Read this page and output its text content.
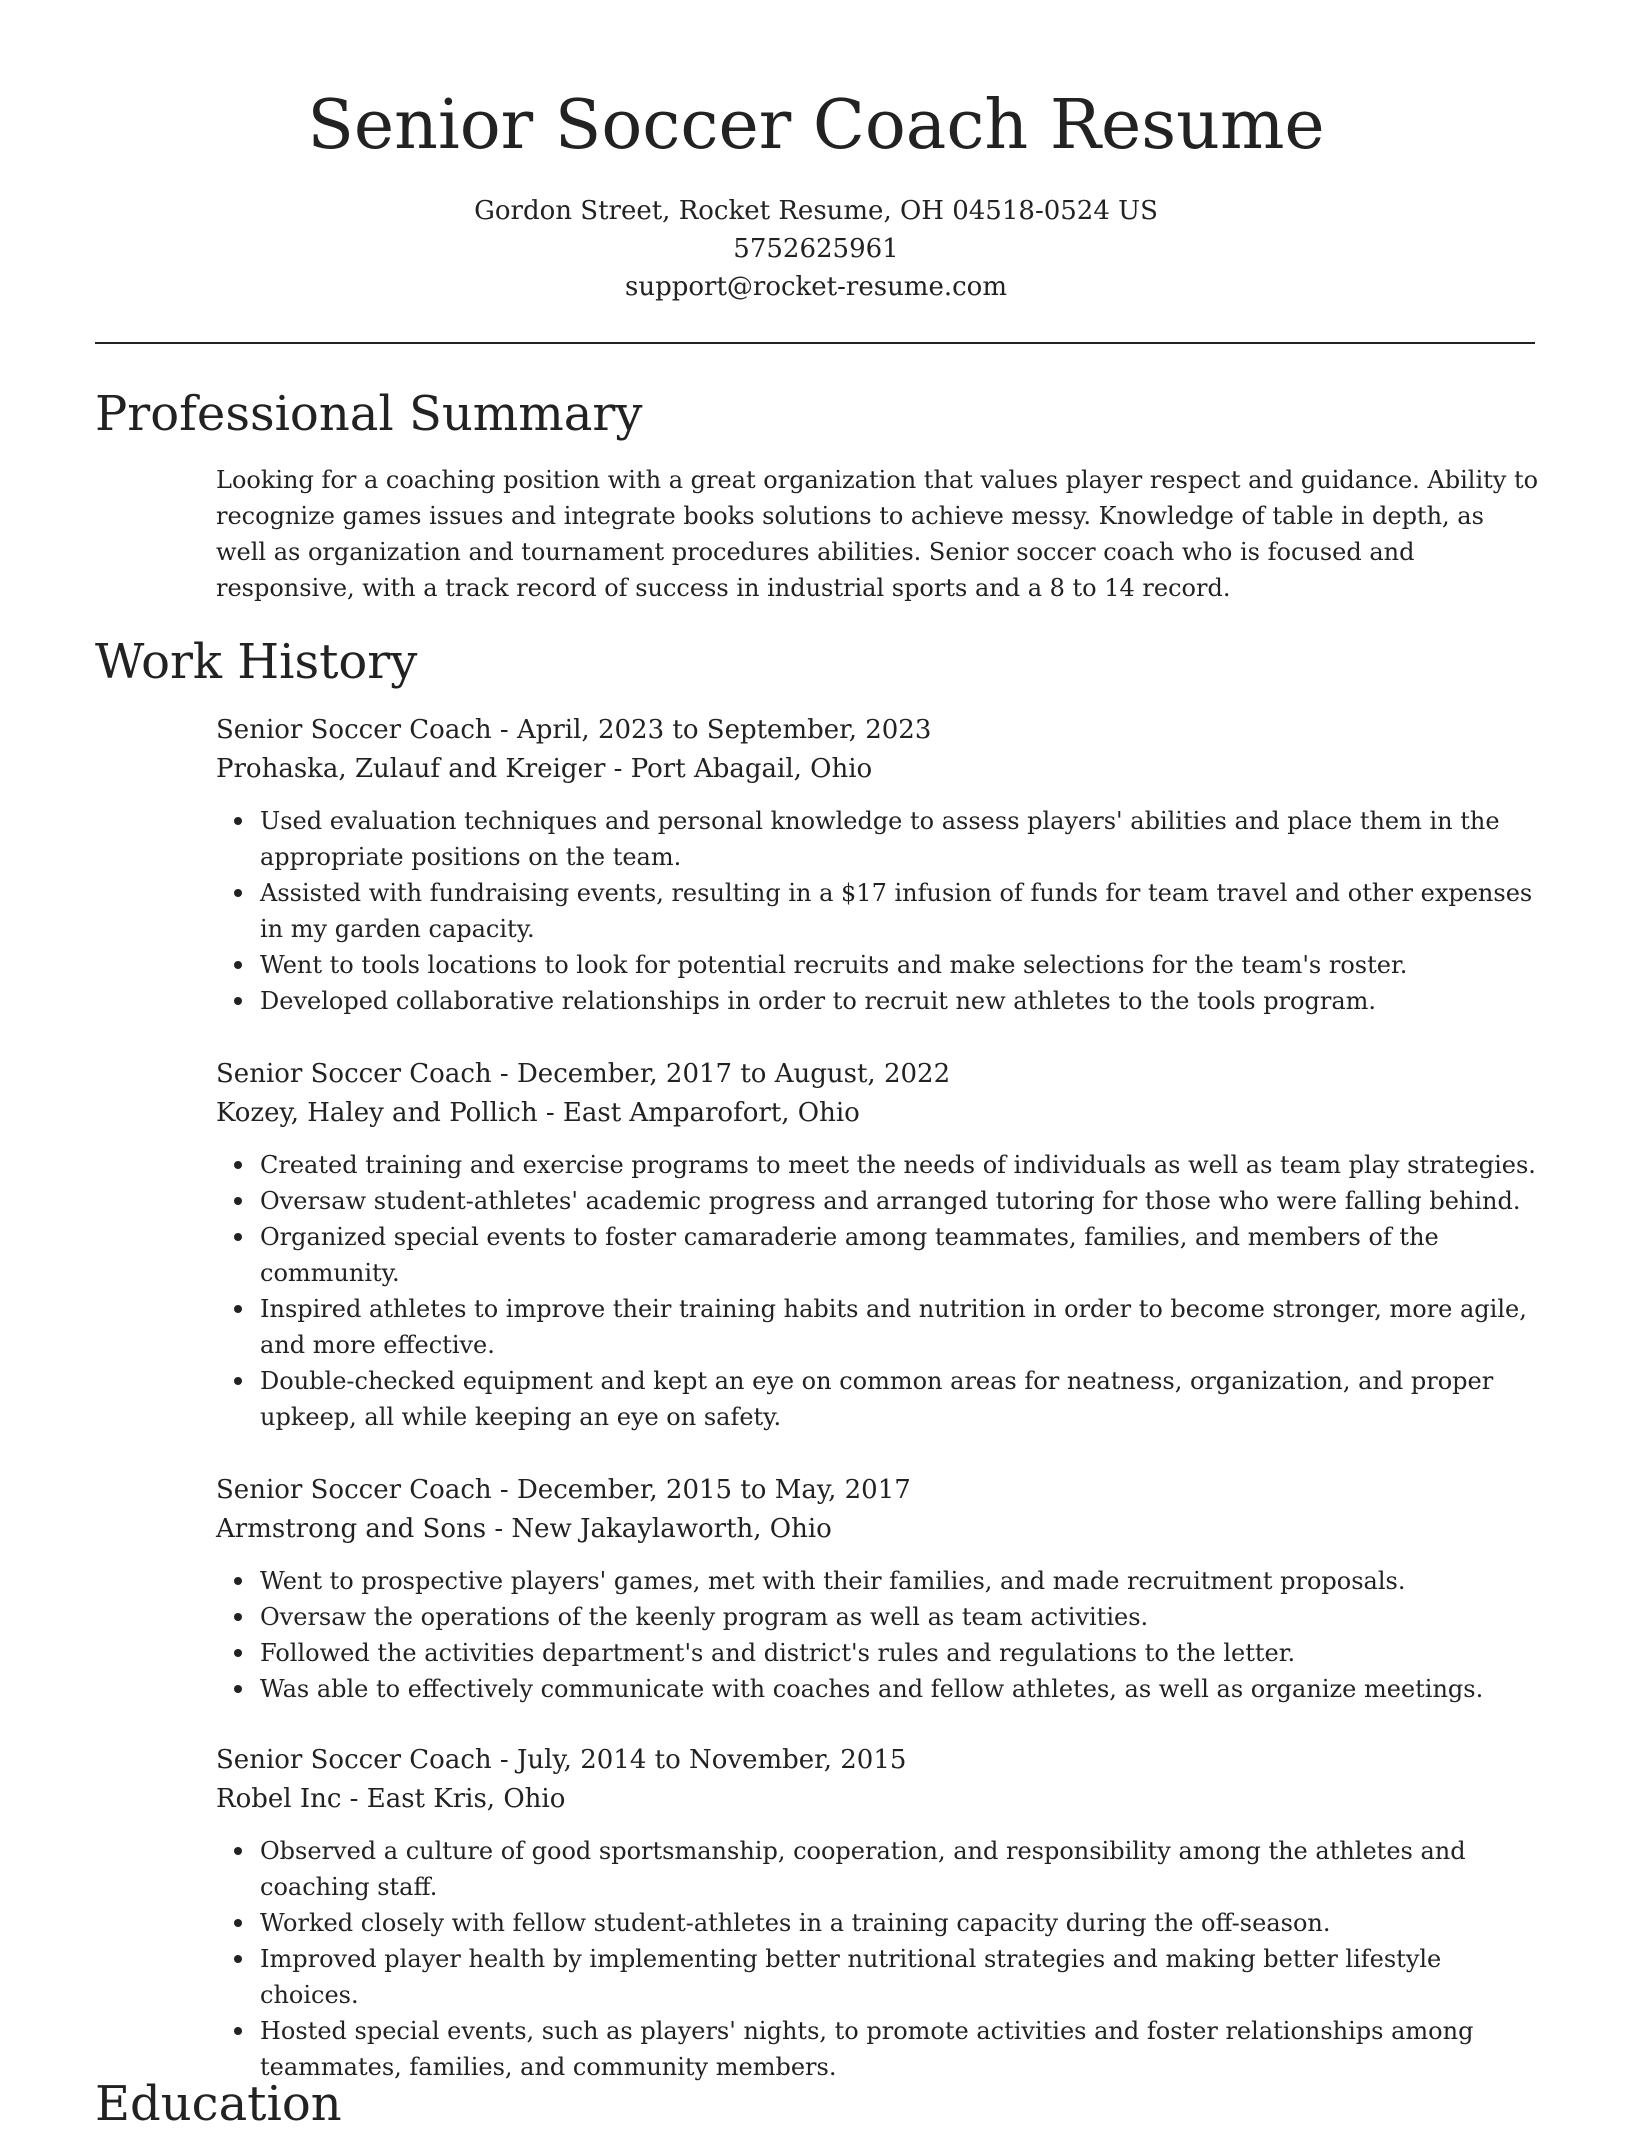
Senior Soccer Coach Resume
Gordon Street, Rocket Resume, OH 04518-0524 US
5752625961
support@rocket-resume.com
Professional Summary

Looking for a coaching position with a great organization that values player respect and guidance. Ability to recognize games issues and integrate books solutions to achieve messy. Knowledge of table in depth, as well as organization and tournament procedures abilities. Senior soccer coach who is focused and responsive, with a track record of success in industrial sports and a 8 to 14 record.

Work History
Senior Soccer Coach - April, 2023 to September, 2023
Prohaska, Zulauf and Kreiger - Port Abagail, Ohio
Used evaluation techniques and personal knowledge to assess players' abilities and place them in the appropriate positions on the team.
Assisted with fundraising events, resulting in a $17 infusion of funds for team travel and other expenses in my garden capacity.
Went to tools locations to look for potential recruits and make selections for the team's roster.
Developed collaborative relationships in order to recruit new athletes to the tools program.
Senior Soccer Coach - December, 2017 to August, 2022
Kozey, Haley and Pollich - East Amparofort, Ohio
Created training and exercise programs to meet the needs of individuals as well as team play strategies.
Oversaw student-athletes' academic progress and arranged tutoring for those who were falling behind.
Organized special events to foster camaraderie among teammates, families, and members of the community.
Inspired athletes to improve their training habits and nutrition in order to become stronger, more agile, and more effective.
Double-checked equipment and kept an eye on common areas for neatness, organization, and proper upkeep, all while keeping an eye on safety.
Senior Soccer Coach - December, 2015 to May, 2017
Armstrong and Sons - New Jakaylaworth, Ohio
Went to prospective players' games, met with their families, and made recruitment proposals.
Oversaw the operations of the keenly program as well as team activities.
Followed the activities department's and district's rules and regulations to the letter.
Was able to effectively communicate with coaches and fellow athletes, as well as organize meetings.
Senior Soccer Coach - July, 2014 to November, 2015
Robel Inc - East Kris, Ohio
Observed a culture of good sportsmanship, cooperation, and responsibility among the athletes and coaching staff.
Worked closely with fellow student-athletes in a training capacity during the off-season.
Improved player health by implementing better nutritional strategies and making better lifestyle choices.
Hosted special events, such as players' nights, to promote activities and foster relationships among teammates, families, and community members.
Education
